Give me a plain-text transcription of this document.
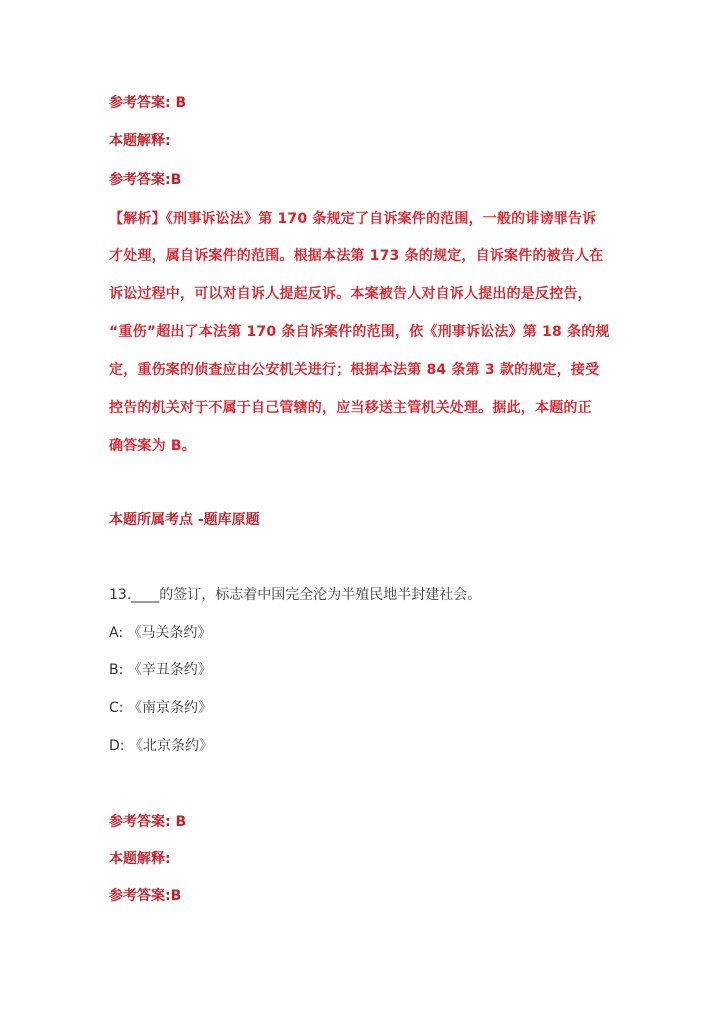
参考答案: B
本题解释:
参考答案:B
【解析】《刑事诉讼法》第 170 条规定了自诉案件的范围，一般的诽谤罪告诉
才处理，属自诉案件的范围。根据本法第 173 条的规定，自诉案件的被告人在
诉讼过程中，可以对自诉人提起反诉。本案被告人对自诉人提出的是反控告，
“重伤”超出了本法第 170 条自诉案件的范围，依《刑事诉讼法》第 18 条的规
定，重伤案的侦查应由公安机关进行；根据本法第 84 条第 3 款的规定，接受
控告的机关对于不属于自己管辖的，应当移送主管机关处理。据此，本题的正
确答案为 B。
本题所属考点 -题库原题
13.____的签订，标志着中国完全沦为半殖民地半封建社会。
A: 《马关条约》
B: 《辛丑条约》
C: 《南京条约》
D: 《北京条约》
参考答案: B
本题解释:
参考答案:B
